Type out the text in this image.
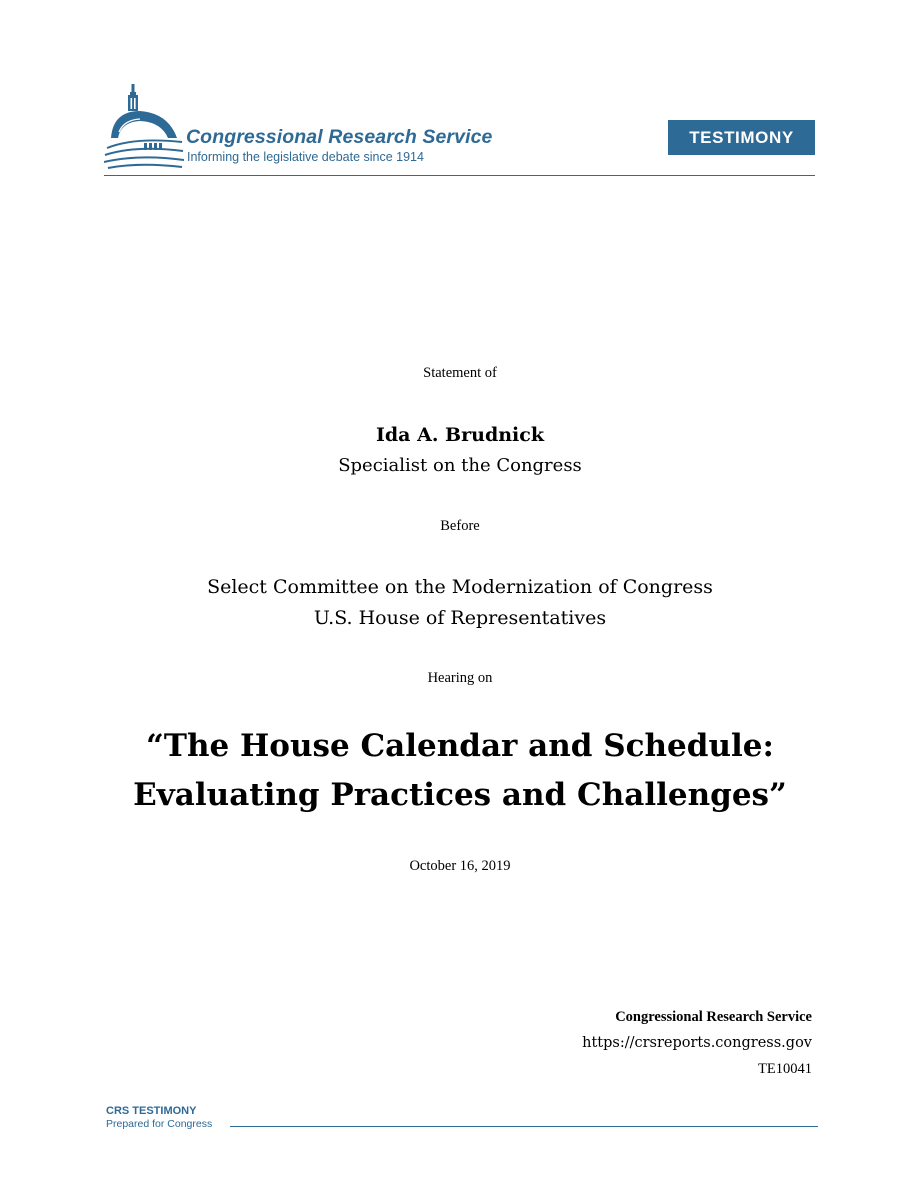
Congressional Research Service
Informing the legislative debate since 1914
TESTIMONY
Statement of
Ida A. Brudnick
Specialist on the Congress
Before
Select Committee on the Modernization of Congress
U.S. House of Representatives
Hearing on
“The House Calendar and Schedule:
Evaluating Practices and Challenges”
October 16, 2019
Congressional Research Service
https://crsreports.congress.gov
TE10041
CRS TESTIMONY
Prepared for Congress
